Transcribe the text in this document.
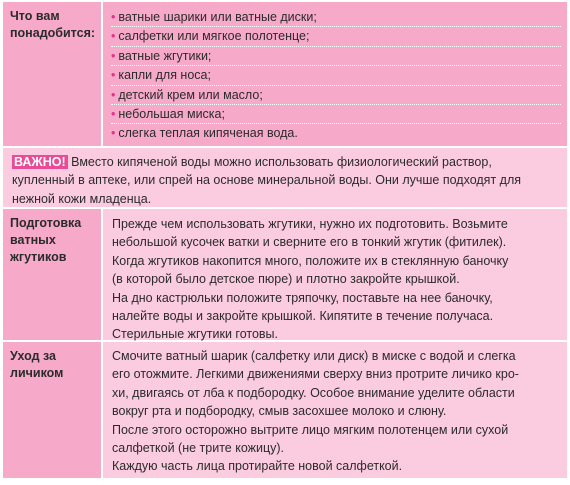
Что вам понадобится:
• ватные шарики или ватные диски;
• салфетки или мягкое полотенце;
• ватные жгутики;
• капли для носа;
• детский крем или масло;
• небольшая миска;
• слегка теплая кипяченая вода.
ВАЖНО! Вместо кипяченой воды можно использовать физиологический раствор,
купленный в аптеке, или спрей на основе минеральной воды. Они лучше подходят для
нежной кожи младенца.
Подготовка ватных жгутиков
Прежде чем использовать жгутики, нужно их подготовить. Возьмите
небольшой кусочек ватки и сверните его в тонкий жгутик (фитилек).
Когда жгутиков накопится много, положите их в стеклянную баночку
(в которой было детское пюре) и плотно закройте крышкой.
На дно кастрюльки положите тряпочку, поставьте на нее баночку,
налейте воды и закройте крышкой. Кипятите в течение получаса.
Стерильные жгутики готовы.
Уход за личиком
Смочите ватный шарик (салфетку или диск) в миске с водой и слегка
его отожмите. Легкими движениями сверху вниз протрите личико кро-
хи, двигаясь от лба к подбородку. Особое внимание уделите области
вокруг рта и подбородку, смыв засохшее молоко и слюну.
После этого осторожно вытрите лицо мягким полотенцем или сухой
салфеткой (не трите кожицу).
Каждую часть лица протирайте новой салфеткой.
